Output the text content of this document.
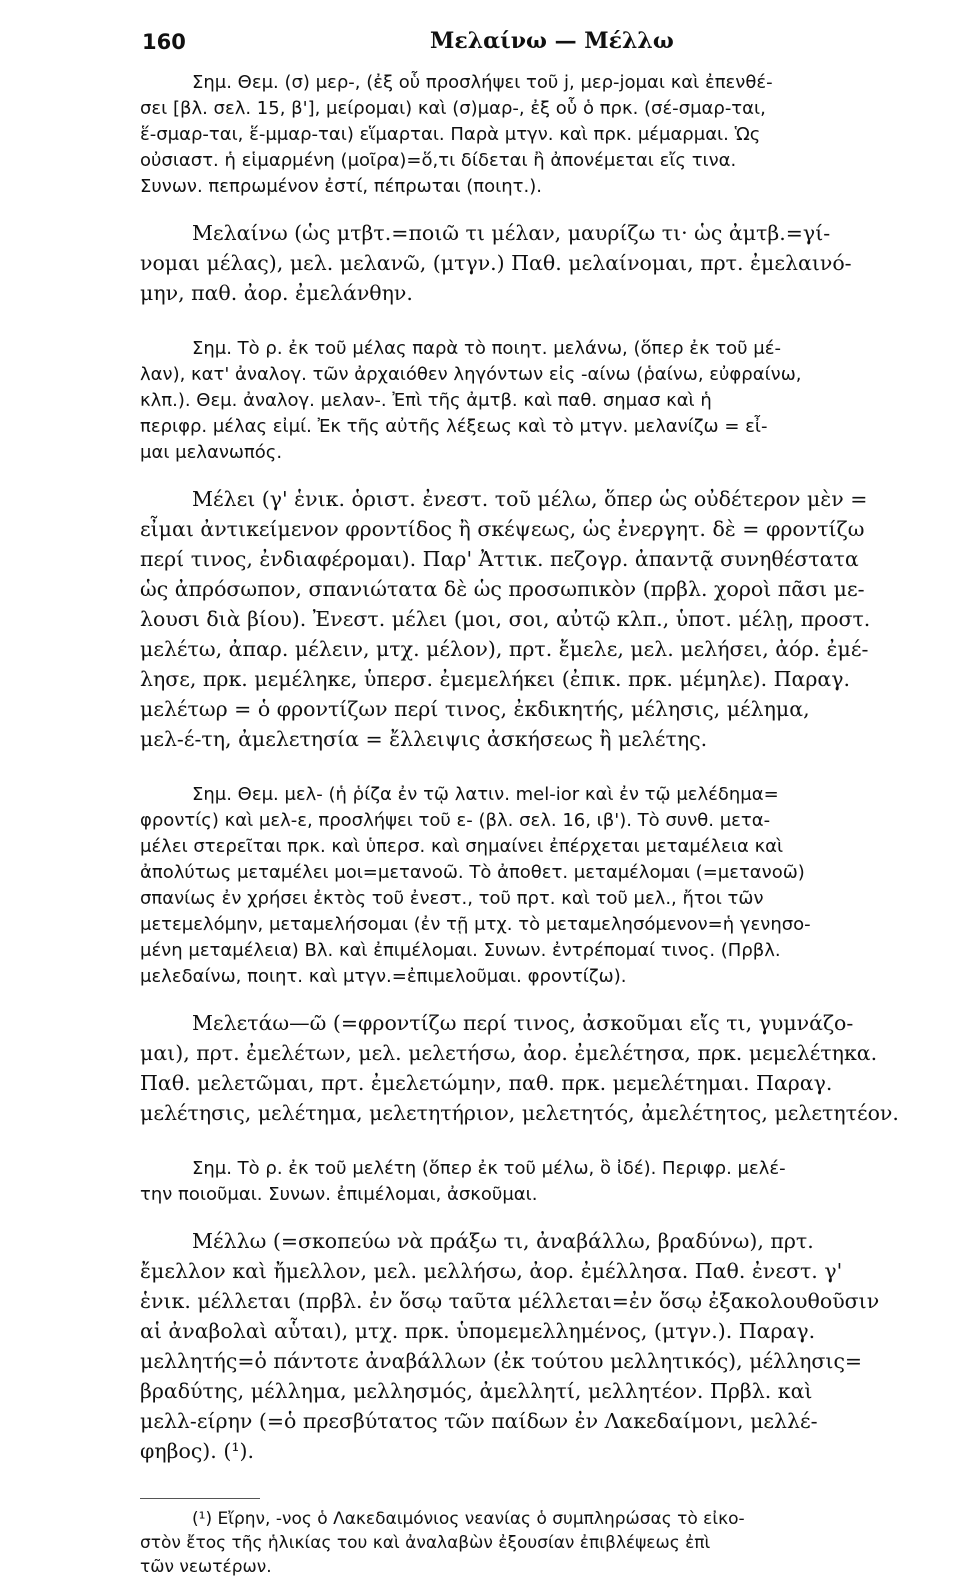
160	Μελαίνω — Μέλλω
Σημ. Θεμ. (σ) μερ-, (ἐξ οὗ προσλήψει τοῦ j, μερ-joμαι καὶ ἐπενθέ-
σει [βλ. σελ. 15, β'], μείρομαι) καὶ (σ)μαρ-, ἐξ οὗ ὁ πρκ. (σέ-σμαρ-ται,
ἕ-σμαρ-ται, ἕ-μμαρ-ται) εἵμαρται. Παρὰ μτγν. καὶ πρκ. μέμαρμαι. Ὡς
οὐσιαστ. ἡ εἱμαρμένη (μοῖρα)=ὅ,τι δίδεται ἢ ἀπονέμεται εἴς τινα.
Συνων. πεπρωμένον ἐστί, πέπρωται (ποιητ.).
Μελαίνω (ὡς μτβτ.=ποιῶ τι μέλαν, μαυρίζω τι· ὡς ἀμτβ.=γί-
νομαι μέλας), μελ. μελανῶ, (μτγν.) Παθ. μελαίνομαι, πρτ. ἐμελαινό-
μην, παθ. ἀορ. ἐμελάνθην.
Σημ. Τὸ ρ. ἐκ τοῦ μέλας παρὰ τὸ ποιητ. μελάνω, (ὅπερ ἐκ τοῦ μέ-
λαν), κατ' ἀναλογ. τῶν ἀρχαιόθεν ληγόντων εἰς -αίνω (ῥαίνω, εὐφραίνω,
κλπ.). Θεμ. ἀναλογ. μελαν-. Ἐπὶ τῆς ἀμτβ. καὶ παθ. σημασ καὶ ἡ
περιφρ. μέλας εἰμί. Ἐκ τῆς αὐτῆς λέξεως καὶ τὸ μτγν. μελανίζω = εἶ-
μαι μελανωπός.
Μέλει (γ' ἑνικ. ὁριστ. ἐνεστ. τοῦ μέλω, ὅπερ ὡς οὐδέτερον μὲν =
εἶμαι ἀντικείμενον φροντίδος ἢ σκέψεως, ὡς ἐνεργητ. δὲ = φροντίζω
περί τινος, ἐνδιαφέρομαι). Παρ' Ἀττικ. πεζογρ. ἀπαντᾷ συνηθέστατα
ὡς ἀπρόσωπον, σπανιώτατα δὲ ὡς προσωπικὸν (πρβλ. χοροὶ πᾶσι με-
λουσι διὰ βίου). Ἐνεστ. μέλει (μοι, σοι, αὐτῷ κλπ., ὑποτ. μέλῃ, προστ.
μελέτω, ἀπαρ. μέλειν, μτχ. μέλον), πρτ. ἔμελε, μελ. μελήσει, ἀόρ. ἐμέ-
λησε, πρκ. μεμέληκε, ὑπερσ. ἐμεμελήκει (ἐπικ. πρκ. μέμηλε). Παραγ.
μελέτωρ = ὁ φροντίζων περί τινος, ἐκδικητής, μέλησις, μέλημα,
μελ-έ-τη, ἀμελετησία = ἔλλειψις ἀσκήσεως ἢ μελέτης.
Σημ. Θεμ. μελ- (ἡ ῥίζα ἐν τῷ λατιν. mel-ior καὶ ἐν τῷ μελέδημα=
φροντίς) καὶ μελ-ε, προσλήψει τοῦ ε- (βλ. σελ. 16, ιβ'). Τὸ συνθ. μετα-
μέλει στερεῖται πρκ. καὶ ὑπερσ. καὶ σημαίνει ἐπέρχεται μεταμέλεια καὶ
ἀπολύτως μεταμέλει μοι=μετανοῶ. Τὸ ἀποθετ. μεταμέλομαι (=μετανοῶ)
σπανίως ἐν χρήσει ἐκτὸς τοῦ ἐνεστ., τοῦ πρτ. καὶ τοῦ μελ., ἤτοι τῶν
μετεμελόμην, μεταμελήσομαι (ἐν τῇ μτχ. τὸ μεταμελησόμενον=ἡ γενησο-
μένη μεταμέλεια) Βλ. καὶ ἐπιμέλομαι. Συνων. ἐντρέπομαί τινος. (Πρβλ.
μελεδαίνω, ποιητ. καὶ μτγν.=ἐπιμελοῦμαι. φροντίζω).
Μελετάω—ῶ (=φροντίζω περί τινος, ἀσκοῦμαι εἴς τι, γυμνάζο-
μαι), πρτ. ἐμελέτων, μελ. μελετήσω, ἀορ. ἐμελέτησα, πρκ. μεμελέτηκα.
Παθ. μελετῶμαι, πρτ. ἐμελετώμην, παθ. πρκ. μεμελέτημαι. Παραγ.
μελέτησις, μελέτημα, μελετητήριον, μελετητός, ἀμελέτητος, μελετητέον.
Σημ. Τὸ ρ. ἐκ τοῦ μελέτη (ὅπερ ἐκ τοῦ μέλω, ὃ ἰδέ). Περιφρ. μελέ-
την ποιοῦμαι. Συνων. ἐπιμέλομαι, ἀσκοῦμαι.
Μέλλω (=σκοπεύω νὰ πράξω τι, ἀναβάλλω, βραδύνω), πρτ.
ἔμελλον καὶ ἤμελλον, μελ. μελλήσω, ἀορ. ἐμέλλησα. Παθ. ἐνεστ. γ'
ἑνικ. μέλλεται (πρβλ. ἐν ὅσῳ ταῦτα μέλλεται=ἐν ὅσῳ ἐξακολουθοῦσιν
αἱ ἀναβολαὶ αὗται), μτχ. πρκ. ὑπομεμελλημένος, (μτγν.). Παραγ.
μελλητής=ὁ πάντοτε ἀναβάλλων (ἐκ τούτου μελλητικός), μέλλησις=
βραδύτης, μέλλημα, μελλησμός, ἀμελλητί, μελλητέον. Πρβλ. καὶ
μελλ-είρην (=ὁ πρεσβύτατος τῶν παίδων ἐν Λακεδαίμονι, μελλέ-
φηβος). (¹).
(¹) Εἴρην, -νος ὁ Λακεδαιμόνιος νεανίας ὁ συμπληρώσας τὸ εἰκο-
στὸν ἔτος τῆς ἡλικίας του καὶ ἀναλαβὼν ἐξουσίαν ἐπιβλέψεως ἐπὶ
τῶν νεωτέρων.
